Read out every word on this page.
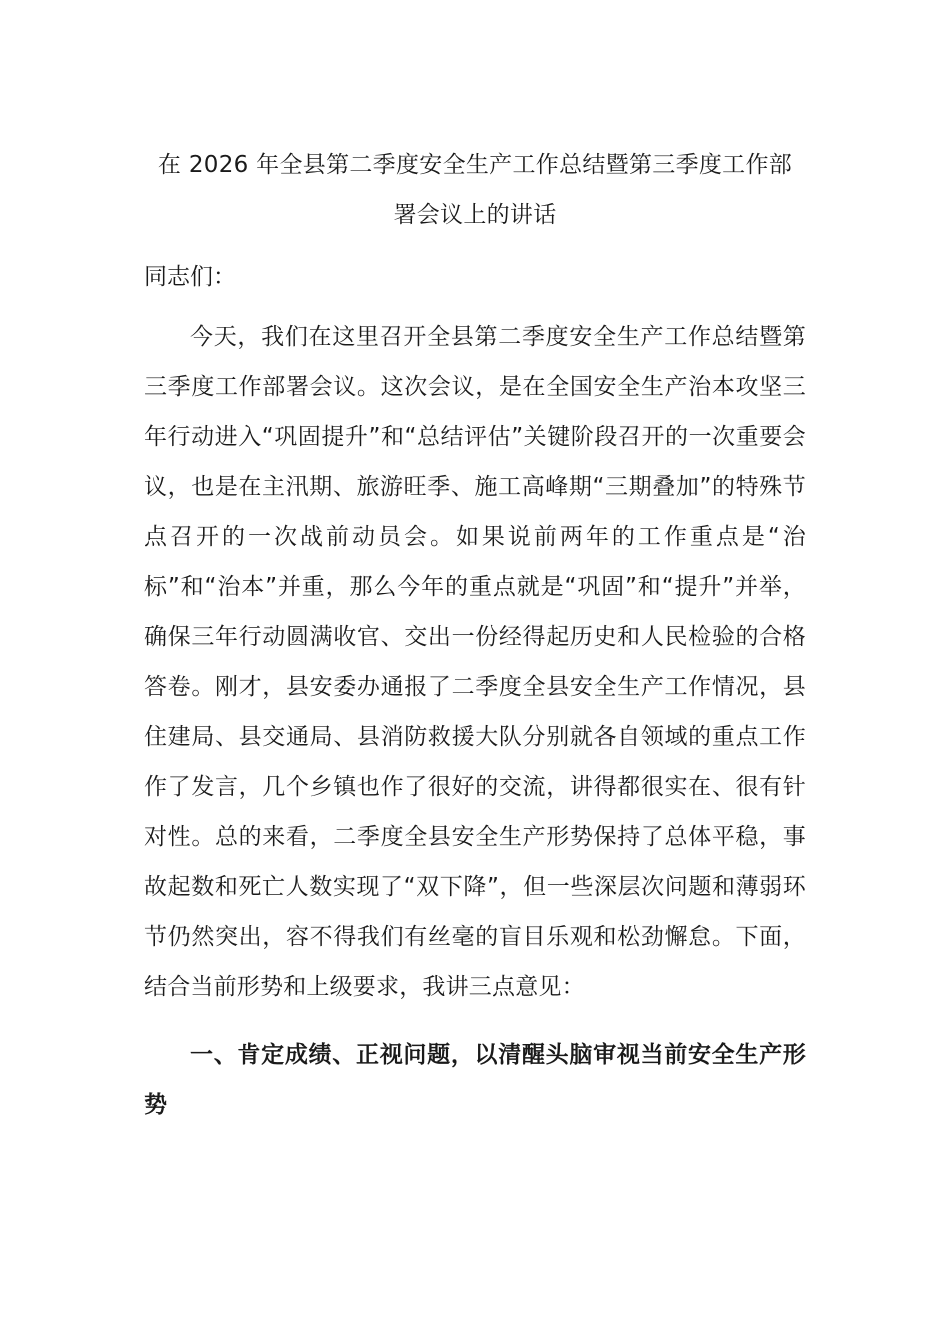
在 2026 年全县第二季度安全生产工作总结暨第三季度工作部
署会议上的讲话

同志们：

今天，我们在这里召开全县第二季度安全生产工作总结暨第三季度工作部署会议。这次会议，是在全国安全生产治本攻坚三年行动进入“巩固提升”和“总结评估”关键阶段召开的一次重要会议，也是在主汛期、旅游旺季、施工高峰期“三期叠加”的特殊节点召开的一次战前动员会。如果说前两年的工作重点是“治标”和“治本”并重，那么今年的重点就是“巩固”和“提升”并举，确保三年行动圆满收官、交出一份经得起历史和人民检验的合格答卷。刚才，县安委办通报了二季度全县安全生产工作情况，县住建局、县交通局、县消防救援大队分别就各自领域的重点工作作了发言，几个乡镇也作了很好的交流，讲得都很实在、很有针对性。总的来看，二季度全县安全生产形势保持了总体平稳，事故起数和死亡人数实现了“双下降”，但一些深层次问题和薄弱环节仍然突出，容不得我们有丝毫的盲目乐观和松劲懈怠。下面，结合当前形势和上级要求，我讲三点意见：

一、肯定成绩、正视问题，以清醒头脑审视当前安全生产形势
